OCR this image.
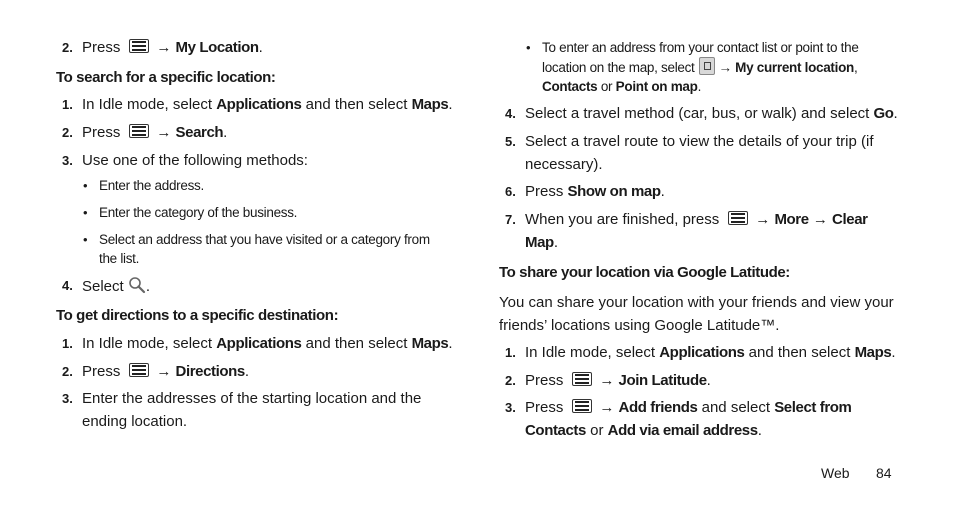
2. Press → My Location.
To search for a specific location:
1. In Idle mode, select Applications and then select Maps.
2. Press → Search.
3. Use one of the following methods:
• Enter the address.
• Enter the category of the business.
• Select an address that you have visited or a category from
the list.
4. Select .
To get directions to a specific destination:
1. In Idle mode, select Applications and then select Maps.
2. Press → Directions.
3. Enter the addresses of the starting location and the
ending location.
• To enter an address from your contact list or point to the
location on the map, select → My current location,
Contacts or Point on map.
4. Select a travel method (car, bus, or walk) and select Go.
5. Select a travel route to view the details of your trip (if
necessary).
6. Press Show on map.
7. When you are finished, press → More → Clear
Map.
To share your location via Google Latitude:
You can share your location with your friends and view your
friends’ locations using Google Latitude™.
1. In Idle mode, select Applications and then select Maps.
2. Press → Join Latitude.
3. Press → Add friends and select Select from
Contacts or Add via email address.
Web 84
